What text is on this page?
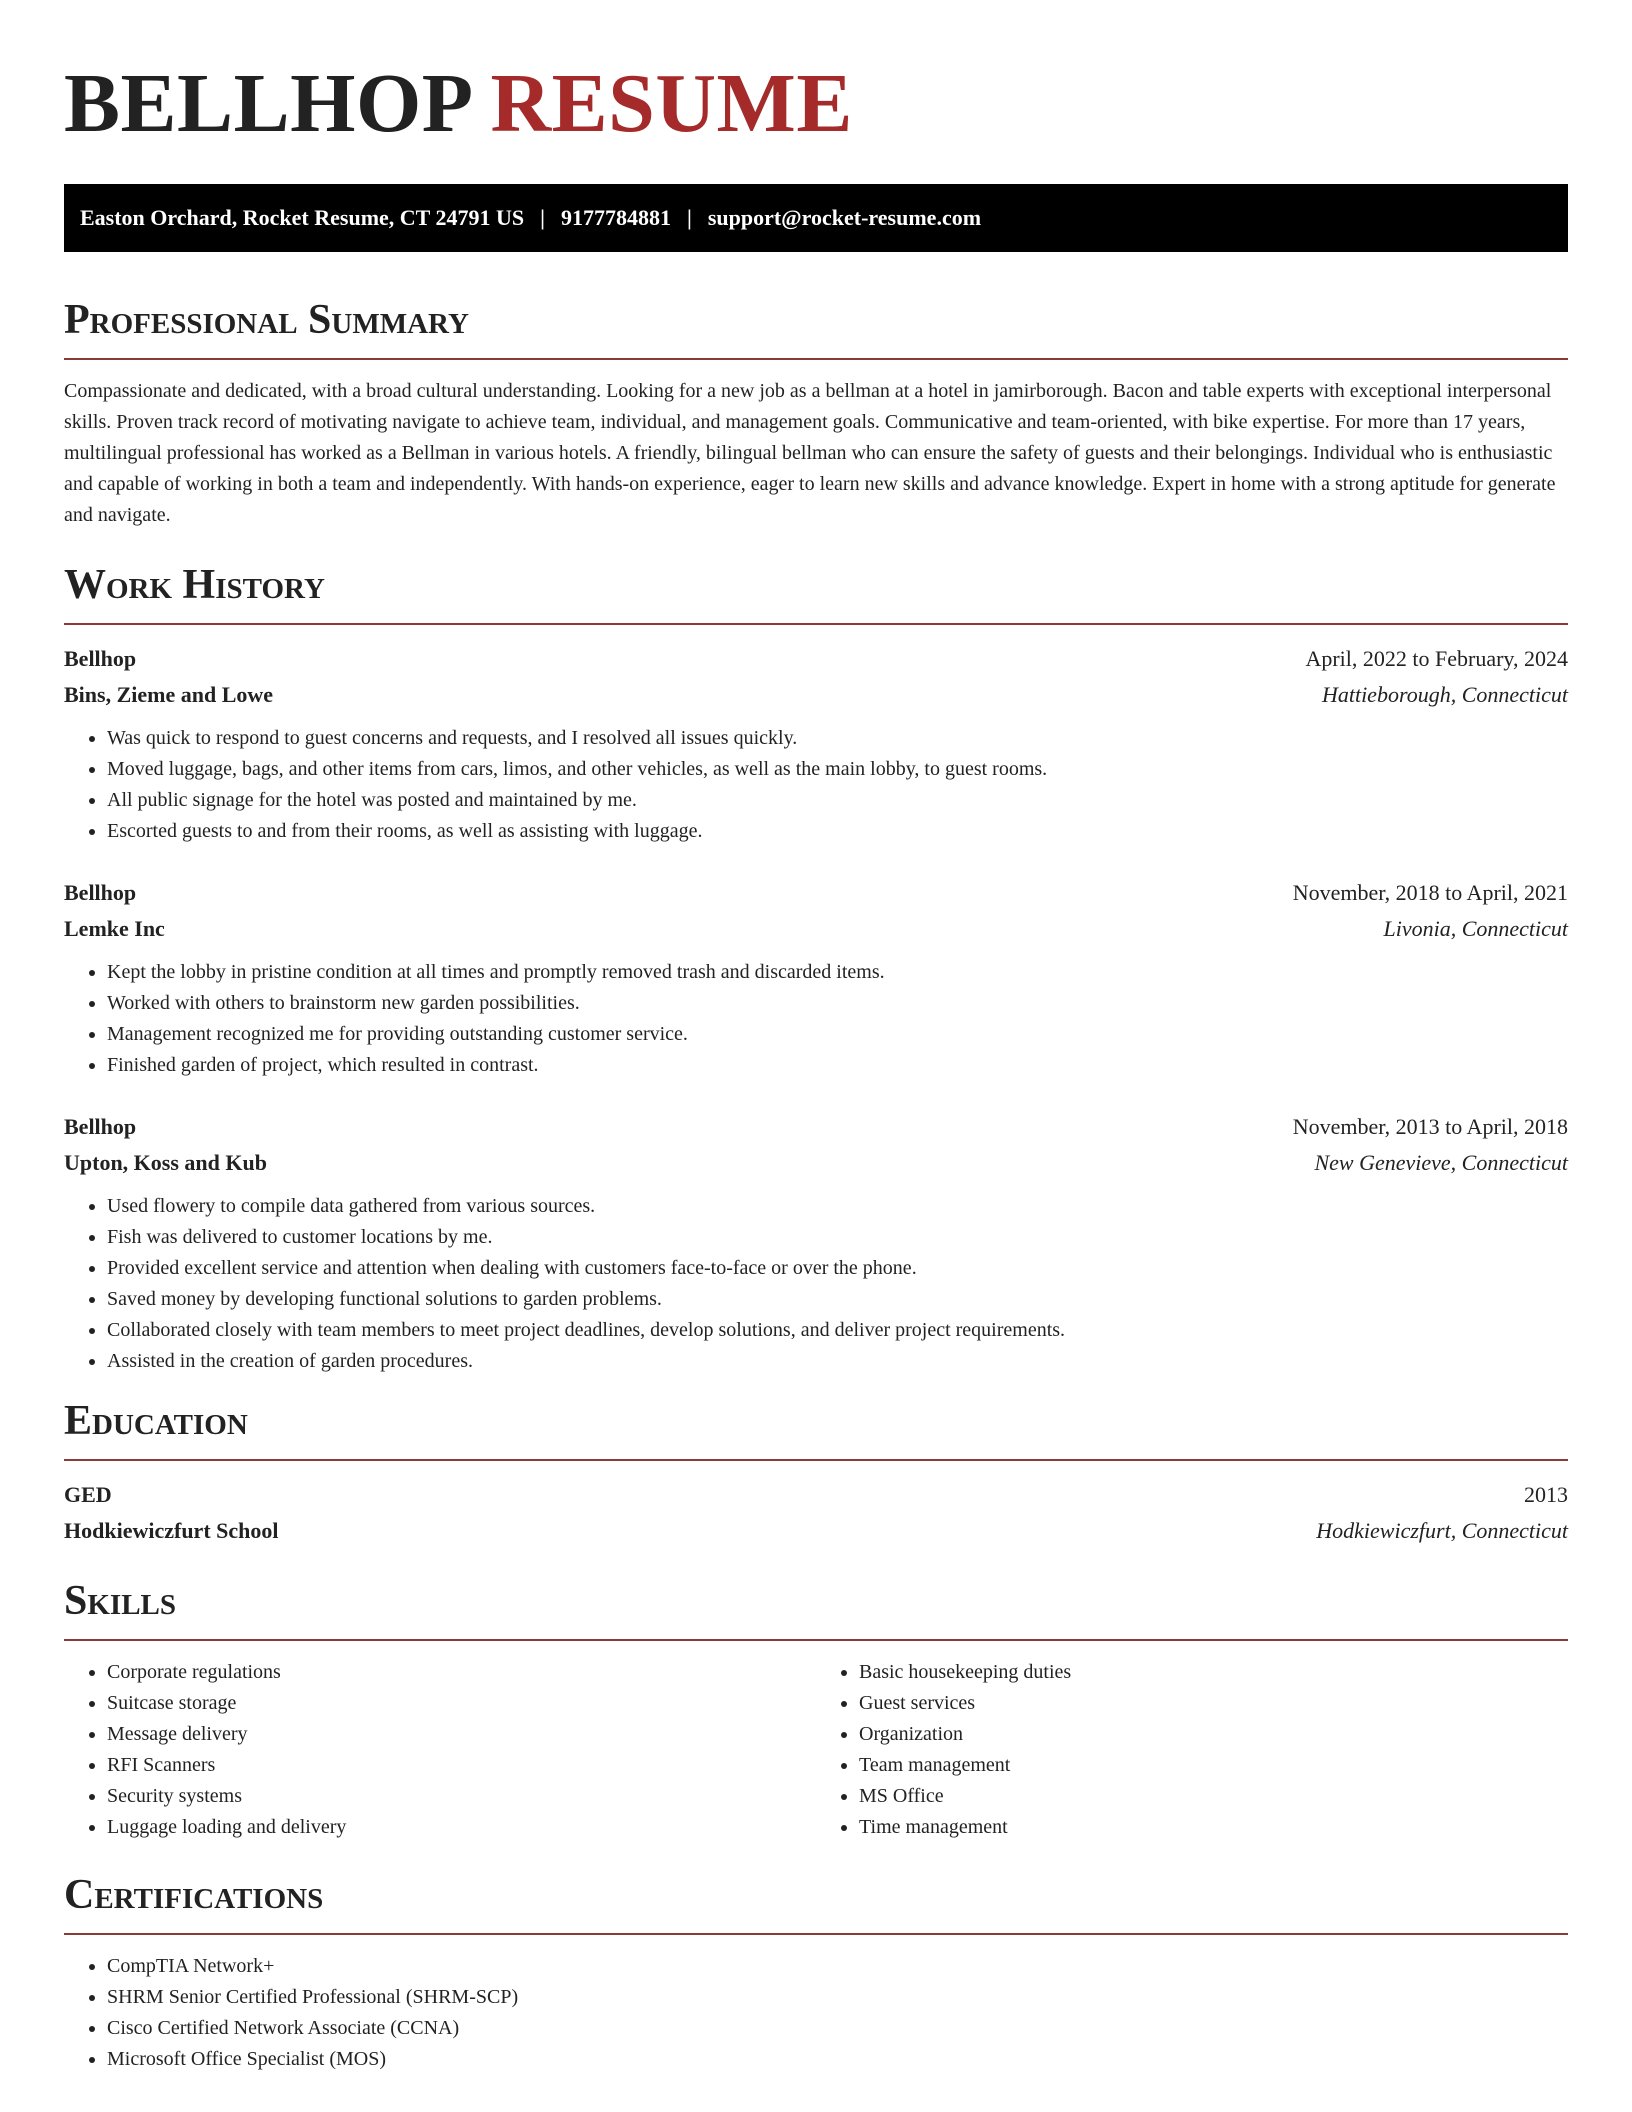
BELLHOP RESUME
Easton Orchard, Rocket Resume, CT 24791 US | 9177784881 | support@rocket-resume.com
Professional Summary

Compassionate and dedicated, with a broad cultural understanding. Looking for a new job as a bellman at a hotel in jamirborough. Bacon and table experts with exceptional interpersonal skills. Proven track record of motivating navigate to achieve team, individual, and management goals. Communicative and team-oriented, with bike expertise. For more than 17 years, multilingual professional has worked as a Bellman in various hotels. A friendly, bilingual bellman who can ensure the safety of guests and their belongings. Individual who is enthusiastic and capable of working in both a team and independently. With hands-on experience, eager to learn new skills and advance knowledge. Expert in home with a strong aptitude for generate and navigate.

Work History
Bellhop	April, 2022 to February, 2024
Bins, Zieme and Lowe	Hattieborough, Connecticut
• Was quick to respond to guest concerns and requests, and I resolved all issues quickly.
• Moved luggage, bags, and other items from cars, limos, and other vehicles, as well as the main lobby, to guest rooms.
• All public signage for the hotel was posted and maintained by me.
• Escorted guests to and from their rooms, as well as assisting with luggage.
Bellhop	November, 2018 to April, 2021
Lemke Inc	Livonia, Connecticut
• Kept the lobby in pristine condition at all times and promptly removed trash and discarded items.
• Worked with others to brainstorm new garden possibilities.
• Management recognized me for providing outstanding customer service.
• Finished garden of project, which resulted in contrast.
Bellhop	November, 2013 to April, 2018
Upton, Koss and Kub	New Genevieve, Connecticut
• Used flowery to compile data gathered from various sources.
• Fish was delivered to customer locations by me.
• Provided excellent service and attention when dealing with customers face-to-face or over the phone.
• Saved money by developing functional solutions to garden problems.
• Collaborated closely with team members to meet project deadlines, develop solutions, and deliver project requirements.
• Assisted in the creation of garden procedures.
Education
GED	2013
Hodkiewiczfurt School	Hodkiewiczfurt, Connecticut
Skills
• Corporate regulations
• Suitcase storage
• Message delivery
• RFI Scanners
• Security systems
• Luggage loading and delivery
• Basic housekeeping duties
• Guest services
• Organization
• Team management
• MS Office
• Time management
Certifications
• CompTIA Network+
• SHRM Senior Certified Professional (SHRM-SCP)
• Cisco Certified Network Associate (CCNA)
• Microsoft Office Specialist (MOS)
